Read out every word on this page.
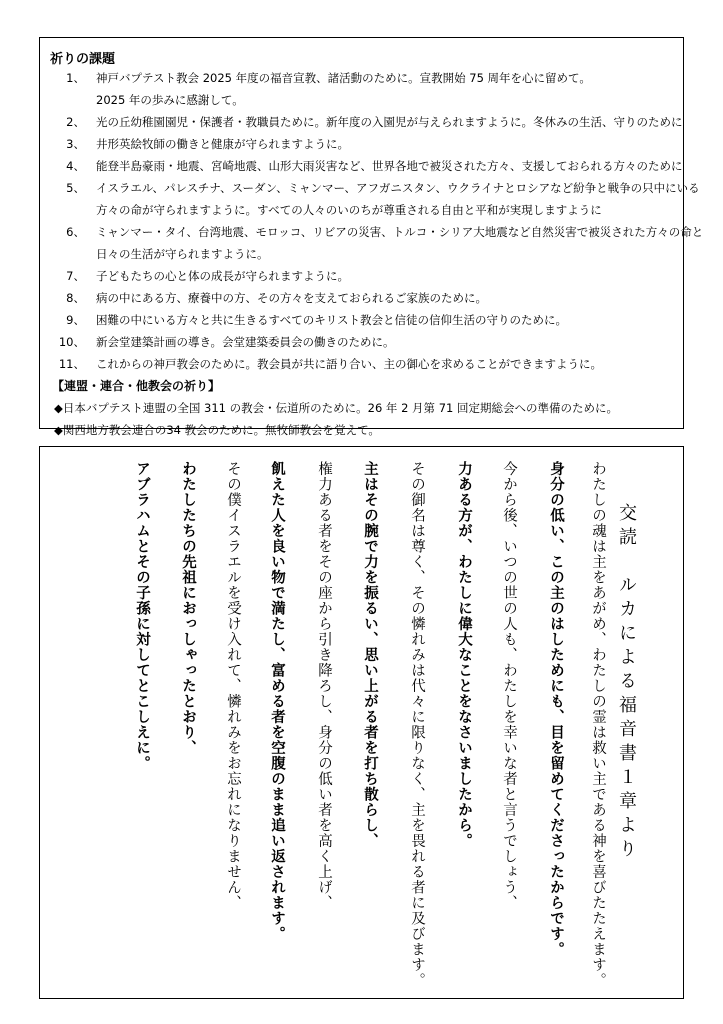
祈りの課題
1、 神戸バプテスト教会 2025 年度の福音宣教、諸活動のために。宣教開始 75 周年を心に留めて。
2025 年の歩みに感謝して。
2、 光の丘幼稚園園児・保護者・教職員ために。新年度の入園児が与えられますように。冬休みの生活、守りのために
3、 井形英絵牧師の働きと健康が守られますように。
4、 能登半島豪雨・地震、宮崎地震、山形大雨災害など、世界各地で被災された方々、支援しておられる方々のために
5、 イスラエル、パレスチナ、スーダン、ミャンマー、アフガニスタン、ウクライナとロシアなど紛争と戦争の只中にいる
方々の命が守られますように。すべての人々のいのちが尊重される自由と平和が実現しますように
6、 ミャンマー・タイ、台湾地震、モロッコ、リビアの災害、トルコ・シリア大地震など自然災害で被災された方々の命と
日々の生活が守られますように。
7、 子どもたちの心と体の成長が守られますように。
8、 病の中にある方、療養中の方、その方々を支えておられるご家族のために。
9、 困難の中にいる方々と共に生きるすべてのキリスト教会と信徒の信仰生活の守りのために。
10、 新会堂建築計画の導き。会堂建築委員会の働きのために。
11、 これからの神戸教会のために。教会員が共に語り合い、主の御心を求めることができますように。
【連盟・連合・他教会の祈り】
◆日本バプテスト連盟の全国 311 の教会・伝道所のために。26 年 2 月第 71 回定期総会への準備のために。
◆関西地方教会連合の34 教会のために。無牧師教会を覚えて。
交読　ルカによる福音書１章より
わたしの魂は主をあがめ、わたしの霊は救い主である神を喜びたたえます。
身分の低い、この主のはしためにも、目を留めてくださったからです。
今から後、いつの世の人も、わたしを幸いな者と言うでしょう、
力ある方が、わたしに偉大なことをなさいましたから。
その御名は尊く、その憐れみは代々に限りなく、主を畏れる者に及びます。
主はその腕で力を振るい、思い上がる者を打ち散らし、
権力ある者をその座から引き降ろし、身分の低い者を高く上げ、
飢えた人を良い物で満たし、富める者を空腹のまま追い返されます。
その僕イスラエルを受け入れて、憐れみをお忘れになりません、
わたしたちの先祖におっしゃったとおり、
アブラハムとその子孫に対してとこしえに。
